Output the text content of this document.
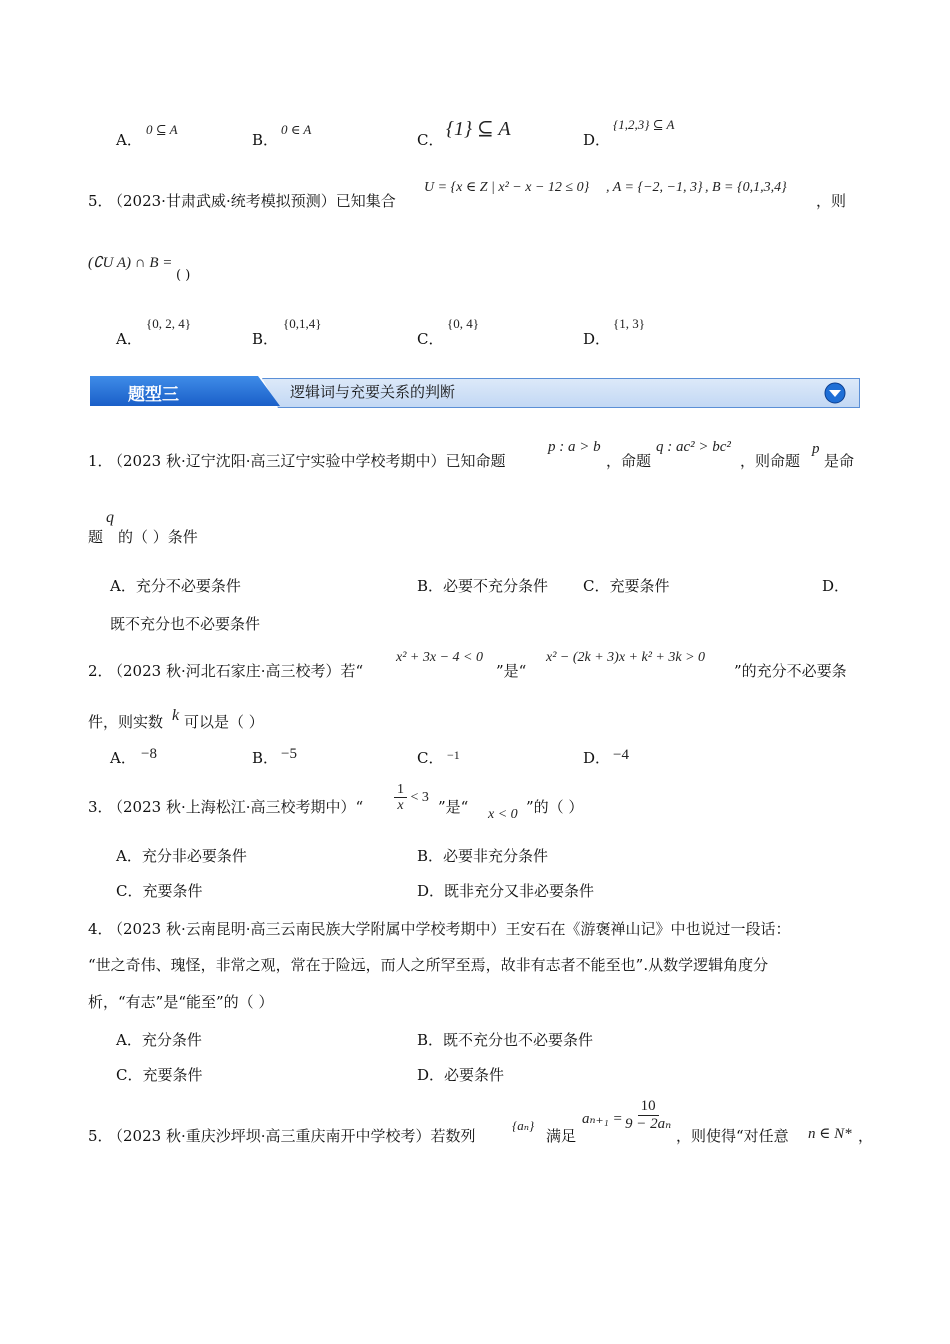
A．
0 ⊆ A
B．
0 ∈ A
C． {1} ⊆ A	D．
{1,2,3} ⊆ A
5．
（2023·甘肃武威·统考模拟预测）已知集合
U = {x ∈ Z | x² − x − 12 ≤ 0} , A = {−2, −1, 3} , B = {0,1,3,4}
，则
(∁U A) ∩ B =
( )
A．
{0, 2, 4}
B．
{0,1,4}
C．
{0, 4}
D．
{1, 3}
题型三	逻辑词与充要关系的判断
1．
（2023 秋·辽宁沈阳·高三辽宁实验中学校考期中）已知命题
p : a > b
，命题
q : ac² > bc²
，则命题
p
是命
题
q
的（ ）条件
A．充分不必要条件	B．必要不充分条件 C．充要条件	D．
既不充分也不必要条件
2．
（2023 秋·河北石家庄·高三校考）若“
x² + 3x − 4 < 0
”是“
x² − (2k + 3)x + k² + 3k > 0
”的充分不必要条
件，则实数 k 可以是（ ）
A． −8	B． −5	C． −1	D． −4
3．
（2023 秋·上海松江·高三校考期中）“ $\frac{1}{x} < 3$
”是“ x < 0 ”的（ ）
A．充分非必要条件	B．必要非充分条件
C．充要条件	D．既非充分又非必要条件
4．
（2023 秋·云南昆明·高三云南民族大学附属中学校考期中）王安石在《游褒禅山记》中也说过一段话：
“世之奇伟、瑰怪，非常之观，常在于险远，而人之所罕至焉，故非有志者不能至也”.从数学逻辑角度分
析，“有志”是“能至”的（ ）
A．充分条件	B．既不充分也不必要条件
C．充要条件	D．必要条件
5．
（2023 秋·重庆沙坪坝·高三重庆南开中学校考）若数列
{aₙ}
满足
$a_{n+1} = \frac{10}{\text{9 − 2aₙ}}$
，则使得“对任意 n ∈ N* ，
